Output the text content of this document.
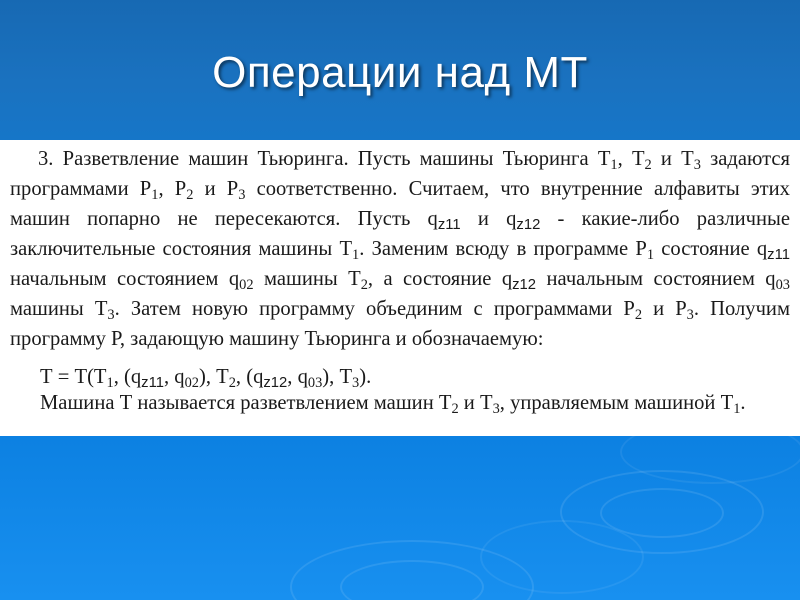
Операции над МТ

3. Разветвление машин Тьюринга. Пусть машины Тьюринга $Т_1$, $Т_2$ и $Т_3$ задаются программами $Р_1$, $Р_2$ и $Р_3$ соответственно. Считаем, что внутренние алфавиты этих машин попарно не пересекаются. Пусть $q_{z11}$ и $q_{z12}$ - какие-либо различные заключительные состояния машины $Т_1$. Заменим всюду в программе $Р_1$ состояние $q_{z11}$ начальным состоянием $q_{02}$ машины $Т_2$, а состояние $q_{z12}$ начальным состоянием $q_{03}$ машины $Т_3$. Затем новую программу объединим с программами $Р_2$ и $Р_3$. Получим программу Р, задающую машину Тьюринга и обозначаемую:

$Т = Т(Т_1$, ($q_{z11}$, $q_{02}$), $Т_2$, ($q_{z12}$, $q_{03}$), $Т_3$).
Машина Т называется разветвлением машин $Т_2$ и $Т_3$, управляемым машиной $Т_1$.
